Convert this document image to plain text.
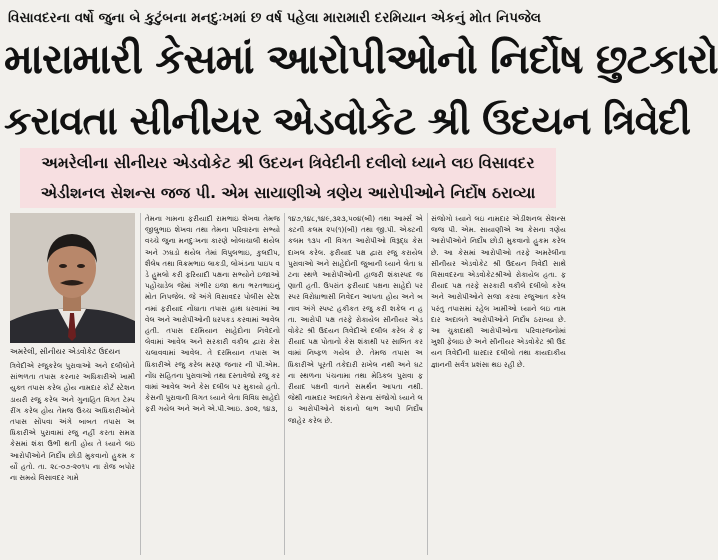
વિસાવદરના વર્ષો જુના બે કુટુંબના મનદુઃખમાં છ વર્ષ પહેલા મારામારી દરમિયાન એકનું મોત નિપજેલ
મારામારી કેસમાં આરોપીઓનો નિર્દોષ છુટકારો
કરાવતા સીનીયર એડવોકેટ શ્રી ઉદયન ત્રિવેદી
અમરેલીના સીનીયર એડવોકેટ શ્રી ઉદયન ત્રિવેદીની દલીલો ધ્યાને લઇ વિસાવદર
એડીશનલ સેશન્સ જજ પી. એમ સાયાણીએ ત્રણેય આરોપીઓને નિર્દોષ ઠરાવ્યા
અમરેલી, સીનીયર એડવોકેટ ઉદયન
ત્રિવેદીએ રજુકરેલ પુરાવાઓ અને દલીલોને સાંભળતા તપાસ કરનાર અધિકારીએ ખામી યુક્ત તપાસ કરેલ હોય નામદાર કોર્ટ સ્ટેશન ડાયરી રજુ કરેલ અને ગુનાહિત વિગત ટેમ્પરીંગ કરેલ હોય તેમજ ઉચ્ચ અધિકારીઓને તપાસ સોંપવા અંગે બાબત તપાસ અધિકારીએ પુરાવામાં રજુ નહીં કરતા સમગ્ર કેસમાં શંકા ઉભી થતી હોય તે ધ્યાને લઇ આરોપીઓને નિર્દોષ છોડી મુકવાનો હુકમ કર્યો હતો. તા. ૨૮-૦૭-૨૦૧૫ ના રોજ બપોરના સમયે વિસાવદર ગામે
તેમના ગામના ફરીયાદી રામભાઇ શેખવા તેમજ જીલુભાઇ શેખવા તથા તેમના પરિવારના સભ્યો વચ્ચે જુના મનદુઃખના કારણે બોલાચાલી થયેલ અને ઝઘડો થયેલ તેમાં વિપુલભાઇ, કુલદીપ, શૈલેષ તથા વિક્રમભાઇ લાકડી, લોખંડના પાઇપ વડે હુમલો કરી ફરિયાદી પક્ષના સભ્યોને ઇજાઓ પહોંચાડેલ જેમાં ગંભીર ઇજા થતા ભરતભાઇનું મોત નિપજેલ. જે અંગે વિસાવદર પોલીસ સ્ટેશનમાં ફરીયાદ નોંધાતા તપાસ હાથ ધરવામાં આવેલ અને આરોપીઓની ધરપકડ કરવામાં આવેલ હતી. તપાસ દરમિયાન સાહેદોના નિવેદનો લેવામાં આવેલ અને સરકારી વકીલ દ્વારા કેસ ચલાવવામાં આવેલ. તે દરમિયાન તપાસ અધિકારીએ રજુ કરેલ મરણ જનાર ની પી.એમ. નોંધ સહિતના પુરાવાઓ તથા દસ્તાવેજો રજુ કરવામાં આવેલ અને કેસ દલીલ પર મુકાયો હતો. કેસની પુરાવાની વિગત ધ્યાને લેતા વિવિધ સાહેદો ફરી ગયેલ અને અને એ.પી.આઇ. ૩૦૨, ૧૪૩,
૧૪૭,૧૪૮,૧૪૯,૩૨૩,૫૦૪(બી) તથા આર્મ્સ એક્ટની કલમ ૨૫(૧)(બી) તથા જી.પી. એક્ટની કલમ ૧૩૫ ની વિગત આરોપીઓ વિરૂદ્ધ કેસ દાખલ કરેલ. ફરીયાદ પક્ષ દ્વારા રજુ કરાયેલ પુરાવાઓ અને સાહેદોની જુબાની ધ્યાને લેતા ઘટના સ્થળે આરોપીઓની હાજરી શંકાસ્પદ જણાતી હતી. ઉપરાંત ફરીયાદ પક્ષના સાહેદો પરસ્પર વિરોધાભાસી નિવેદન આપતા હોય અને બનાવ અંગે સ્પષ્ટ હકીકત રજુ કરી શકેલ ન હતા. આરોપી પક્ષ તરફે રોકાયેલ સીનીયર એડવોકેટ શ્રી ઉદયન ત્રિવેદીએ દલીલ કરેલ કે ફરીયાદ પક્ષ પોતાનો કેસ શંકાથી પર સાબિત કરવામાં નિષ્ફળ ગયેલ છે. તેમજ તપાસ અધિકારીએ પૂરતી તકેદારી રાખેલ નથી અને ઘટના સ્થળના પંચનામા તથા મેડિકલ પુરાવા ફરીયાદ પક્ષની વાતને સમર્થન આપતા નથી. જેથી નામદાર અદાલતે કેસના સંજોગો ધ્યાને લઇ આરોપીઓને શંકાનો લાભ આપી નિર્દોષ જાહેર કરેલ છે.
સંજોગો ધ્યાને લઇ નામદાર એડીશનલ સેશન્સ જજ પી. એમ. સાયાણીએ આ કેસના ત્રણેય આરોપીઓને નિર્દોષ છોડી મુકવાનો હુકમ કરેલ છે. આ કેસમાં આરોપીઓ તરફે અમરેલીના સીનીયર એડવોકેટ શ્રી ઉદયન ત્રિવેદી સાથે વિસાવદરના એડવોકેટશ્રીઓ રોકાયેલ હતા. ફરીયાદ પક્ષ તરફે સરકારી વકીલે દલીલો કરેલ અને આરોપીઓને સજા કરવા રજુઆત કરેલ પરંતુ તપાસમાં રહેલ ખામીઓ ધ્યાને લઇ નામદાર અદાલતે આરોપીઓને નિર્દોષ ઠરાવ્યા છે. આ ચુકાદાથી આરોપીઓના પરિવારજનોમાં ખુશી ફેલાઇ છે અને સીનીયર એડવોકેટ શ્રી ઉદયન ત્રિવેદીની ધારદાર દલીલો તથા કાયદાકીય જ્ઞાનની સર્વત્ર પ્રશંસા થઇ રહી છે.
